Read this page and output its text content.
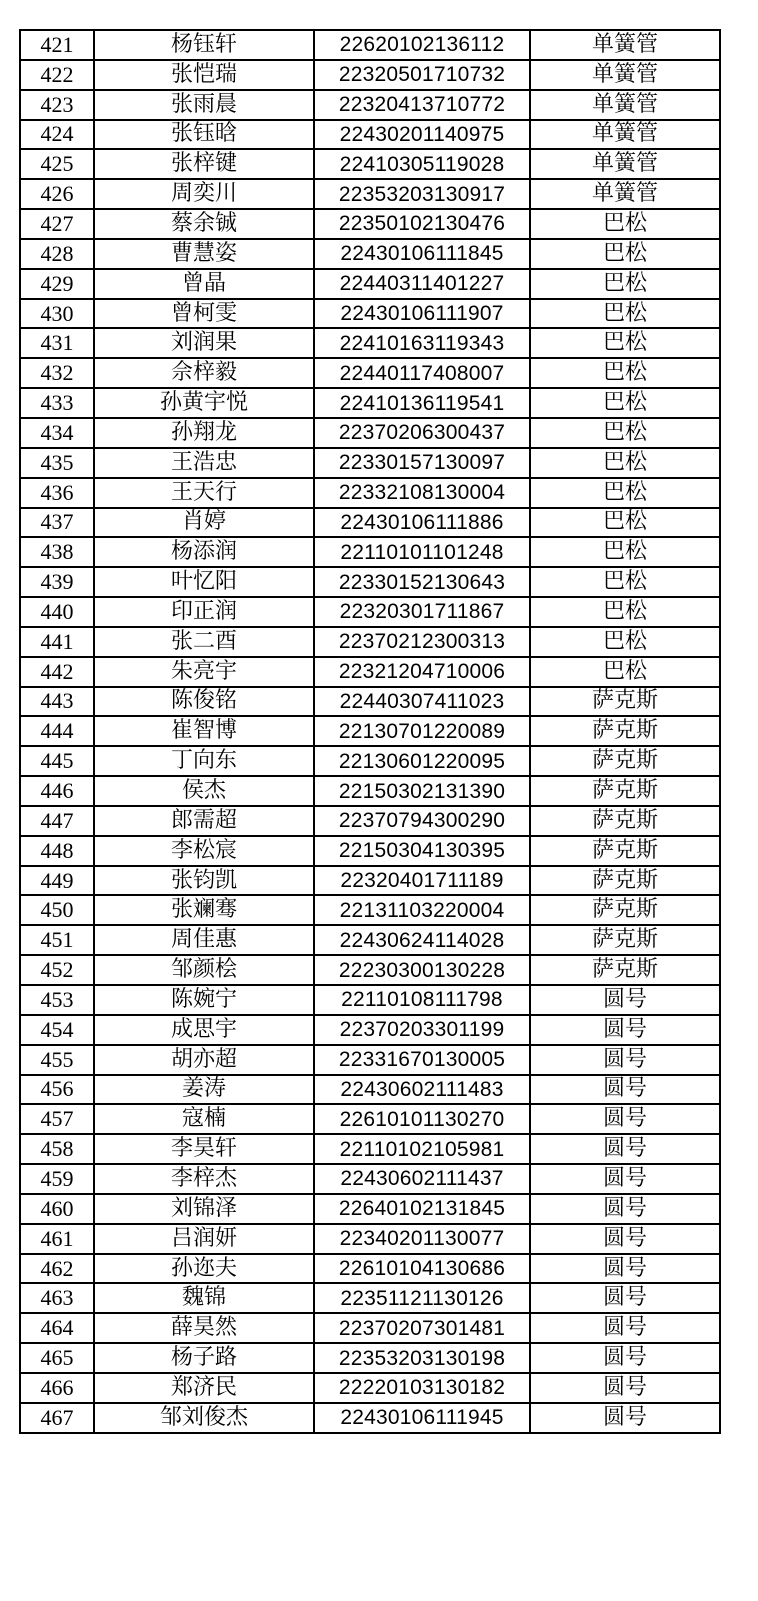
421	杨钰轩	22620102136112	单簧管
422	张恺瑞	22320501710732	单簧管
423	张雨晨	22320413710772	单簧管
424	张钰晗	22430201140975	单簧管
425	张梓键	22410305119028	单簧管
426	周奕川	22353203130917	单簧管
427	蔡余铖	22350102130476	巴松
428	曹慧姿	22430106111845	巴松
429	曾晶	22440311401227	巴松
430	曾柯雯	22430106111907	巴松
431	刘润果	22410163119343	巴松
432	佘梓毅	22440117408007	巴松
433	孙黄宇悦	22410136119541	巴松
434	孙翔龙	22370206300437	巴松
435	王浩忠	22330157130097	巴松
436	王天行	22332108130004	巴松
437	肖婷	22430106111886	巴松
438	杨添润	22110101101248	巴松
439	叶忆阳	22330152130643	巴松
440	印正润	22320301711867	巴松
441	张二酉	22370212300313	巴松
442	朱亮宇	22321204710006	巴松
443	陈俊铭	22440307411023	萨克斯
444	崔智博	22130701220089	萨克斯
445	丁向东	22130601220095	萨克斯
446	侯杰	22150302131390	萨克斯
447	郎需超	22370794300290	萨克斯
448	李松宸	22150304130395	萨克斯
449	张钧凯	22320401711189	萨克斯
450	张斓骞	22131103220004	萨克斯
451	周佳惠	22430624114028	萨克斯
452	邹颜桧	22230300130228	萨克斯
453	陈婉宁	22110108111798	圆号
454	成思宇	22370203301199	圆号
455	胡亦超	22331670130005	圆号
456	姜涛	22430602111483	圆号
457	寇楠	22610101130270	圆号
458	李昊轩	22110102105981	圆号
459	李梓杰	22430602111437	圆号
460	刘锦泽	22640102131845	圆号
461	吕润妍	22340201130077	圆号
462	孙迩夫	22610104130686	圆号
463	魏锦	22351121130126	圆号
464	薛昊然	22370207301481	圆号
465	杨子路	22353203130198	圆号
466	郑济民	22220103130182	圆号
467	邹刘俊杰	22430106111945	圆号
